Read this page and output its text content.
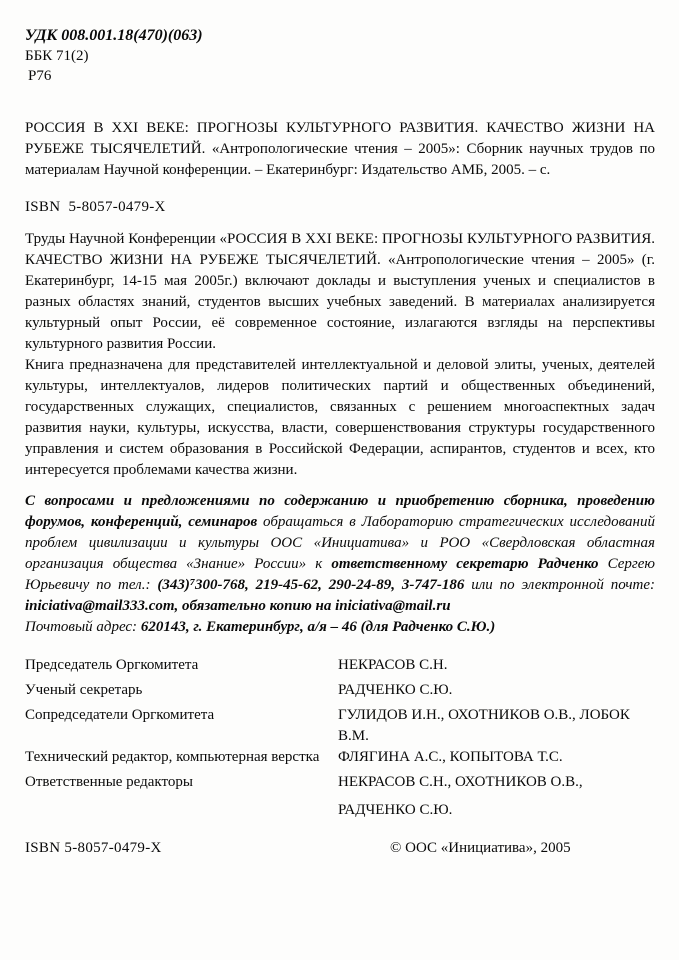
УДК 008.001.18(470)(063)

ББК 71(2)

Р76

РОССИЯ В XXI ВЕКЕ: ПРОГНОЗЫ КУЛЬТУРНОГО РАЗВИТИЯ. КАЧЕСТВО ЖИЗНИ НА РУБЕЖЕ ТЫСЯЧЕЛЕТИЙ. «Антропологические чтения – 2005»: Сборник научных трудов по материалам Научной конференции. – Екатеринбург: Издательство АМБ, 2005. – с.

ISBN  5-8057-0479-X

Труды Научной Конференции «РОССИЯ В XXI ВЕКЕ: ПРОГНОЗЫ КУЛЬТУРНОГО РАЗВИТИЯ. КАЧЕСТВО ЖИЗНИ НА РУБЕЖЕ ТЫСЯЧЕЛЕТИЙ. «Антропологические чтения – 2005» (г. Екатеринбург, 14-15 мая 2005г.) включают доклады и выступления ученых и специалистов в разных областях знаний, студентов высших учебных заведений. В материалах анализируется культурный опыт России, её современное состояние, излагаются взгляды на перспективы культурного развития России.

Книга предназначена для представителей интеллектуальной и деловой элиты, ученых, деятелей культуры, интеллектуалов, лидеров политических партий и общественных объединений, государственных служащих, специалистов, связанных с решением многоаспектных задач развития науки, культуры, искусства, власти, совершенствования структуры государственного управления и систем образования в Российской Федерации, аспирантов, студентов и всех, кто интересуется проблемами качества жизни.

С вопросами и предложениями по содержанию и приобретению сборника, проведению форумов, конференций, семинаров обращаться в Лабораторию стратегических исследований проблем цивилизации и культуры ООС «Инициатива» и РОО «Свердловская областная организация общества «Знание» России» к ответственному секретарю Радченко Сергею Юрьевичу по тел.: (343)⁷300-768, 219-45-62, 290-24-89, 3-747-186 или по электронной почте: iniciativa@mail333.com, обязательно копию на iniciativa@mail.ru

Почтовый адрес: 620143, г. Екатеринбург, а/я – 46 (для Радченко С.Ю.)

Председатель Оргкомитета	НЕКРАСОВ С.Н.
Ученый секретарь	РАДЧЕНКО С.Ю.
Сопредседатели Оргкомитета	ГУЛИДОВ И.Н., ОХОТНИКОВ О.В., ЛОБОК В.М.
Технический редактор, компьютерная верстка	ФЛЯГИНА А.С., КОПЫТОВА Т.С.
Ответственные редакторы	НЕКРАСОВ С.Н., ОХОТНИКОВ О.В.,
РАДЧЕНКО С.Ю.
ISBN 5-8057-0479-X	© ООС «Инициатива», 2005
